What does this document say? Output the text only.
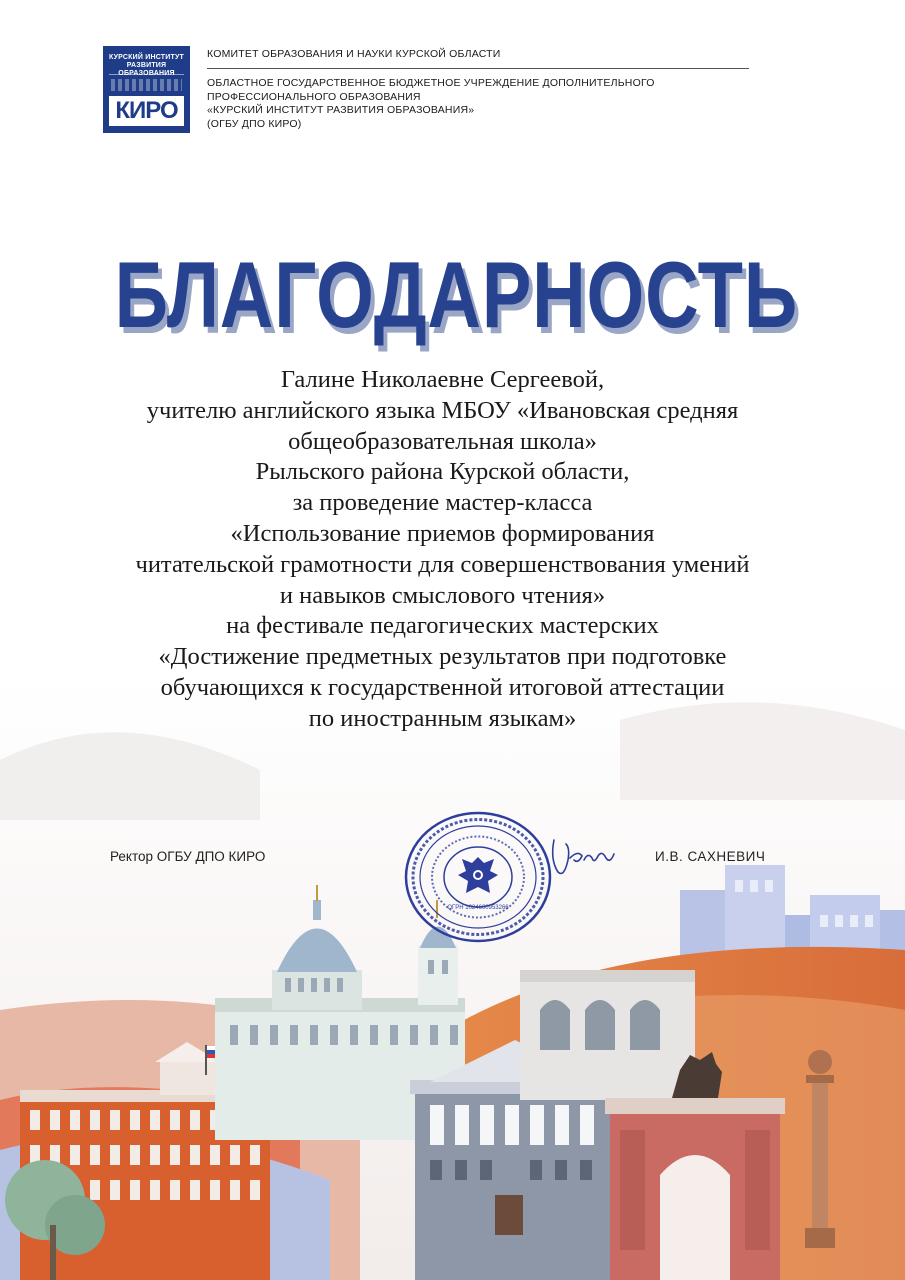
КУРСКИЙ ИНСТИТУТ
РАЗВИТИЯ
КИРО
КОМИТЕТ ОБРАЗОВАНИЯ И НАУКИ КУРСКОЙ ОБЛАСТИ
ОБЛАСТНОЕ ГОСУДАРСТВЕННОЕ БЮДЖЕТНОЕ УЧРЕЖДЕНИЕ ДОПОЛНИТЕЛЬНОГО
ПРОФЕССИОНАЛЬНОГО ОБРАЗОВАНИЯ
«КУРСКИЙ ИНСТИТУТ РАЗВИТИЯ ОБРАЗОВАНИЯ»
(ОГБУ ДПО КИРО)
БЛАГОДАРНОСТЬ
Галине Николаевне Сергеевой,
учителю английского языка МБОУ «Ивановская средняя
общеобразовательная школа»
Рыльского района Курской области,
за проведение мастер-класса
«Использование приемов формирования
читательской грамотности для совершенствования умений
и навыков смыслового чтения»
на фестивале педагогических мастерских
«Достижение предметных результатов при подготовке
обучающихся к государственной итоговой аттестации
по иностранным языкам»
Ректор ОГБУ ДПО КИРО	И.В. САХНЕВИЧ
ОГРН 1024600953266
